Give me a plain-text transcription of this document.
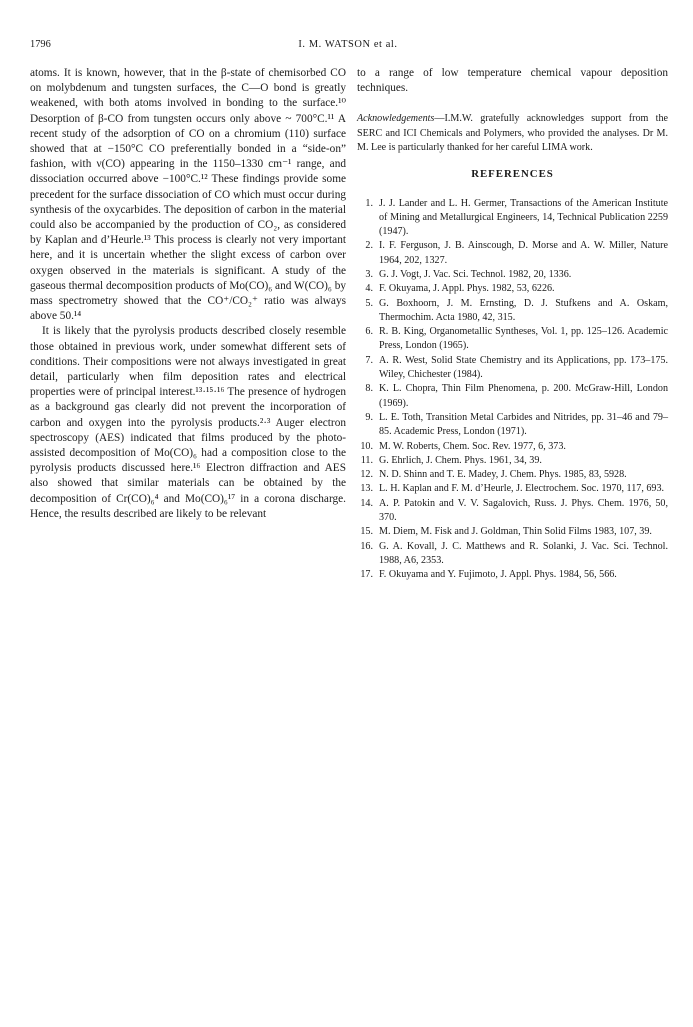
1796	I. M. WATSON et al.

atoms. It is known, however, that in the β-state of chemisorbed CO on molybdenum and tungsten surfaces, the C—O bond is greatly weakened, with both atoms involved in bonding to the surface.¹⁰ Desorption of β-CO from tungsten occurs only above ~ 700°C.¹¹ A recent study of the adsorption of CO on a chromium (110) surface showed that at −150°C CO preferentially bonded in a “side-on” fashion, with ν(CO) appearing in the 1150–1330 cm⁻¹ range, and dissociation occurred above −100°C.¹² These findings provide some precedent for the surface dissociation of CO which must occur during synthesis of the oxycarbides. The deposition of carbon in the material could also be accompanied by the production of CO₂, as considered by Kaplan and d’Heurle.¹³ This process is clearly not very important here, and it is uncertain whether the slight excess of carbon over oxygen observed in the materials is significant. A study of the gaseous thermal decomposition products of Mo(CO)₆ and W(CO)₆ by mass spectrometry showed that the CO⁺/CO₂⁺ ratio was always above 50.¹⁴

It is likely that the pyrolysis products described closely resemble those obtained in previous work, under somewhat different sets of conditions. Their compositions were not always investigated in great detail, particularly when film deposition rates and electrical properties were of principal interest.¹³·¹⁵·¹⁶ The presence of hydrogen as a background gas clearly did not prevent the incorporation of carbon and oxygen into the pyrolysis products.²·³ Auger electron spectroscopy (AES) indicated that films produced by the photo-assisted decomposition of Mo(CO)₆ had a composition close to the pyrolysis products discussed here.¹⁶ Electron diffraction and AES also showed that similar materials can be obtained by the decomposition of Cr(CO)₆⁴ and Mo(CO)₆¹⁷ in a corona discharge. Hence, the results described are likely to be relevant

to a range of low temperature chemical vapour deposition techniques.

Acknowledgements—I.M.W. gratefully acknowledges support from the SERC and ICI Chemicals and Polymers, who provided the analyses. Dr M. M. Lee is particularly thanked for her careful LIMA work.

REFERENCES
1. J. J. Lander and L. H. Germer, Transactions of the American Institute of Mining and Metallurgical Engineers, 14, Technical Publication 2259 (1947).
2. I. F. Ferguson, J. B. Ainscough, D. Morse and A. W. Miller, Nature 1964, 202, 1327.
3. G. J. Vogt, J. Vac. Sci. Technol. 1982, 20, 1336.
4. F. Okuyama, J. Appl. Phys. 1982, 53, 6226.
5. G. Boxhoorn, J. M. Ernsting, D. J. Stufkens and A. Oskam, Thermochim. Acta 1980, 42, 315.
6. R. B. King, Organometallic Syntheses, Vol. 1, pp. 125–126. Academic Press, London (1965).
7. A. R. West, Solid State Chemistry and its Applications, pp. 173–175. Wiley, Chichester (1984).
8. K. L. Chopra, Thin Film Phenomena, p. 200. McGraw-Hill, London (1969).
9. L. E. Toth, Transition Metal Carbides and Nitrides, pp. 31–46 and 79–85. Academic Press, London (1971).
10. M. W. Roberts, Chem. Soc. Rev. 1977, 6, 373.
11. G. Ehrlich, J. Chem. Phys. 1961, 34, 39.
12. N. D. Shinn and T. E. Madey, J. Chem. Phys. 1985, 83, 5928.
13. L. H. Kaplan and F. M. d’Heurle, J. Electrochem. Soc. 1970, 117, 693.
14. A. P. Patokin and V. V. Sagalovich, Russ. J. Phys. Chem. 1976, 50, 370.
15. M. Diem, M. Fisk and J. Goldman, Thin Solid Films 1983, 107, 39.
16. G. A. Kovall, J. C. Matthews and R. Solanki, J. Vac. Sci. Technol. 1988, A6, 2353.
17. F. Okuyama and Y. Fujimoto, J. Appl. Phys. 1984, 56, 566.
